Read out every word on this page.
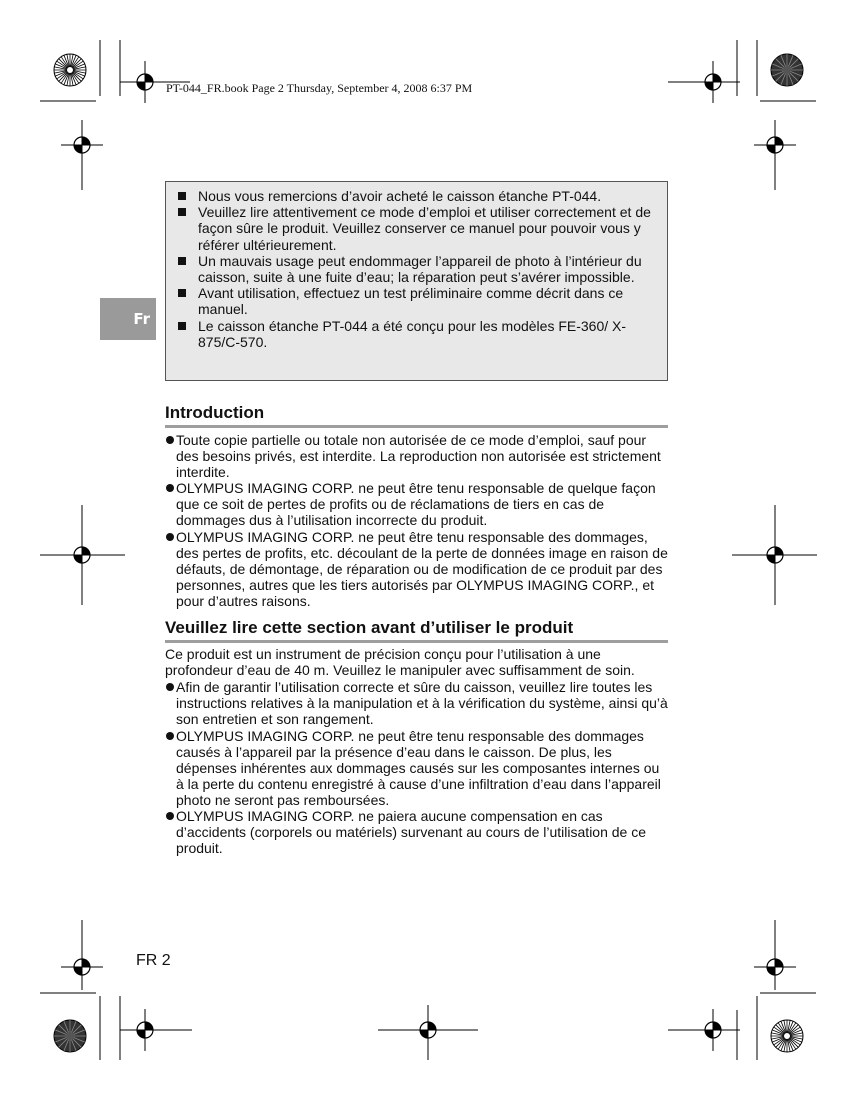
PT-044_FR.book Page 2 Thursday, September 4, 2008 6:37 PM
Fr
Nous vous remercions d’avoir acheté le caisson étanche PT-044.
Veuillez lire attentivement ce mode d’emploi et utiliser correctement et de façon sûre le produit. Veuillez conserver ce manuel pour pouvoir vous y référer ultérieurement.
Un mauvais usage peut endommager l’appareil de photo à l’intérieur du caisson, suite à une fuite d’eau; la réparation peut s’avérer impossible.
Avant utilisation, effectuez un test préliminaire comme décrit dans ce manuel.
Le caisson étanche PT-044 a été conçu pour les modèles FE-360/ X-875/C-570.
Introduction
Toute copie partielle ou totale non autorisée de ce mode d’emploi, sauf pour des besoins privés, est interdite. La reproduction non autorisée est strictement interdite.
OLYMPUS IMAGING CORP. ne peut être tenu responsable de quelque façon que ce soit de pertes de profits ou de réclamations de tiers en cas de dommages dus à l’utilisation incorrecte du produit.
OLYMPUS IMAGING CORP. ne peut être tenu responsable des dommages, des pertes de profits, etc. découlant de la perte de données image en raison de défauts, de démontage, de réparation ou de modification de ce produit par des personnes, autres que les tiers autorisés par OLYMPUS IMAGING CORP., et pour d’autres raisons.
Veuillez lire cette section avant d’utiliser le produit

Ce produit est un instrument de précision conçu pour l’utilisation à une profondeur d’eau de 40 m. Veuillez le manipuler avec suffisamment de soin.

Afin de garantir l’utilisation correcte et sûre du caisson, veuillez lire toutes les instructions relatives à la manipulation et à la vérification du système, ainsi qu’à son entretien et son rangement.
OLYMPUS IMAGING CORP. ne peut être tenu responsable des dommages causés à l’appareil par la présence d’eau dans le caisson. De plus, les dépenses inhérentes aux dommages causés sur les composantes internes ou à la perte du contenu enregistré à cause d’une infiltration d’eau dans l’appareil photo ne seront pas remboursées.
OLYMPUS IMAGING CORP. ne paiera aucune compensation en cas d’accidents (corporels ou matériels) survenant au cours de l’utilisation de ce produit.
FR 2
